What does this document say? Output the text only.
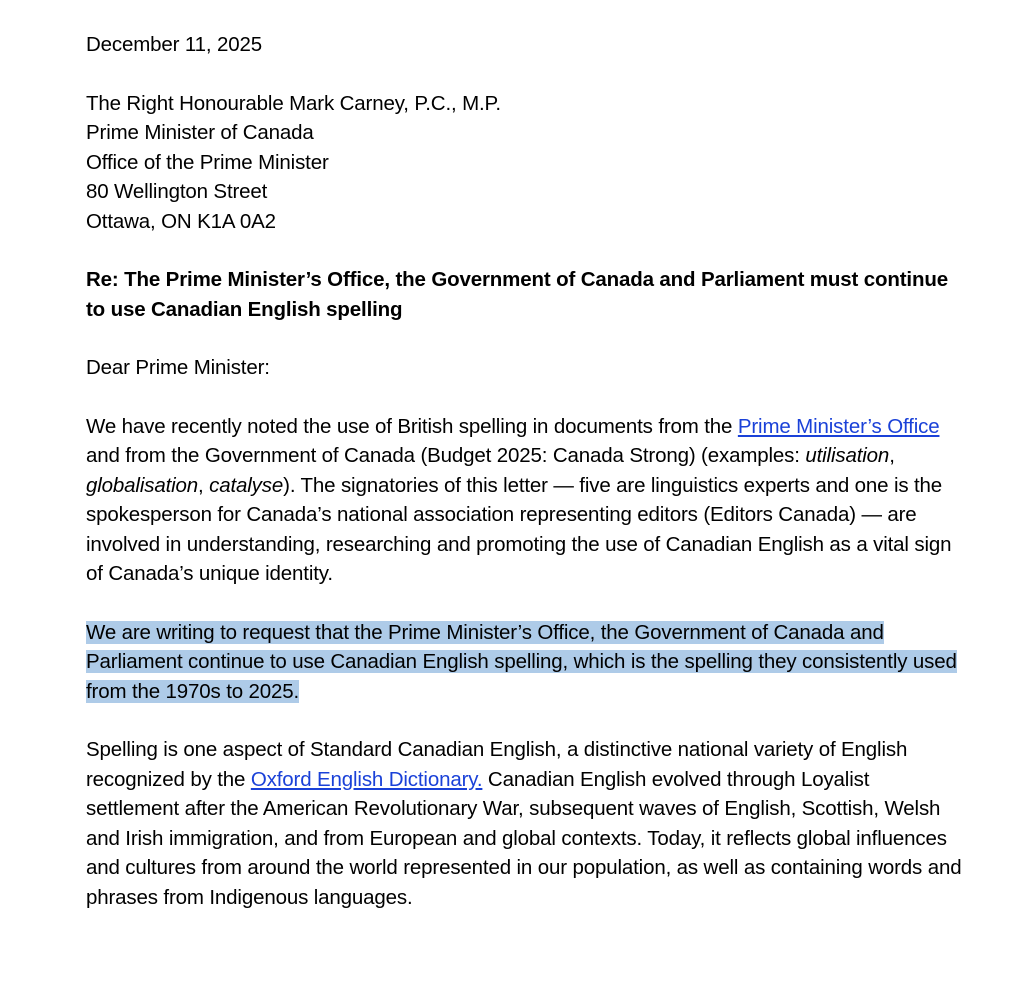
December 11, 2025
The Right Honourable Mark Carney, P.C., M.P.
Prime Minister of Canada
Office of the Prime Minister
80 Wellington Street
Ottawa, ON K1A 0A2
Re: The Prime Minister’s Office, the Government of Canada and Parliament must continue to use Canadian English spelling
Dear Prime Minister:
We have recently noted the use of British spelling in documents from the Prime Minister’s Office and from the Government of Canada (Budget 2025: Canada Strong) (examples: utilisation, globalisation, catalyse). The signatories of this letter — five are linguistics experts and one is the spokesperson for Canada’s national association representing editors (Editors Canada) — are involved in understanding, researching and promoting the use of Canadian English as a vital sign of Canada’s unique identity.
We are writing to request that the Prime Minister’s Office, the Government of Canada and Parliament continue to use Canadian English spelling, which is the spelling they consistently used from the 1970s to 2025.
Spelling is one aspect of Standard Canadian English, a distinctive national variety of English recognized by the Oxford English Dictionary. Canadian English evolved through Loyalist settlement after the American Revolutionary War, subsequent waves of English, Scottish, Welsh and Irish immigration, and from European and global contexts. Today, it reflects global influences and cultures from around the world represented in our population, as well as containing words and phrases from Indigenous languages.
